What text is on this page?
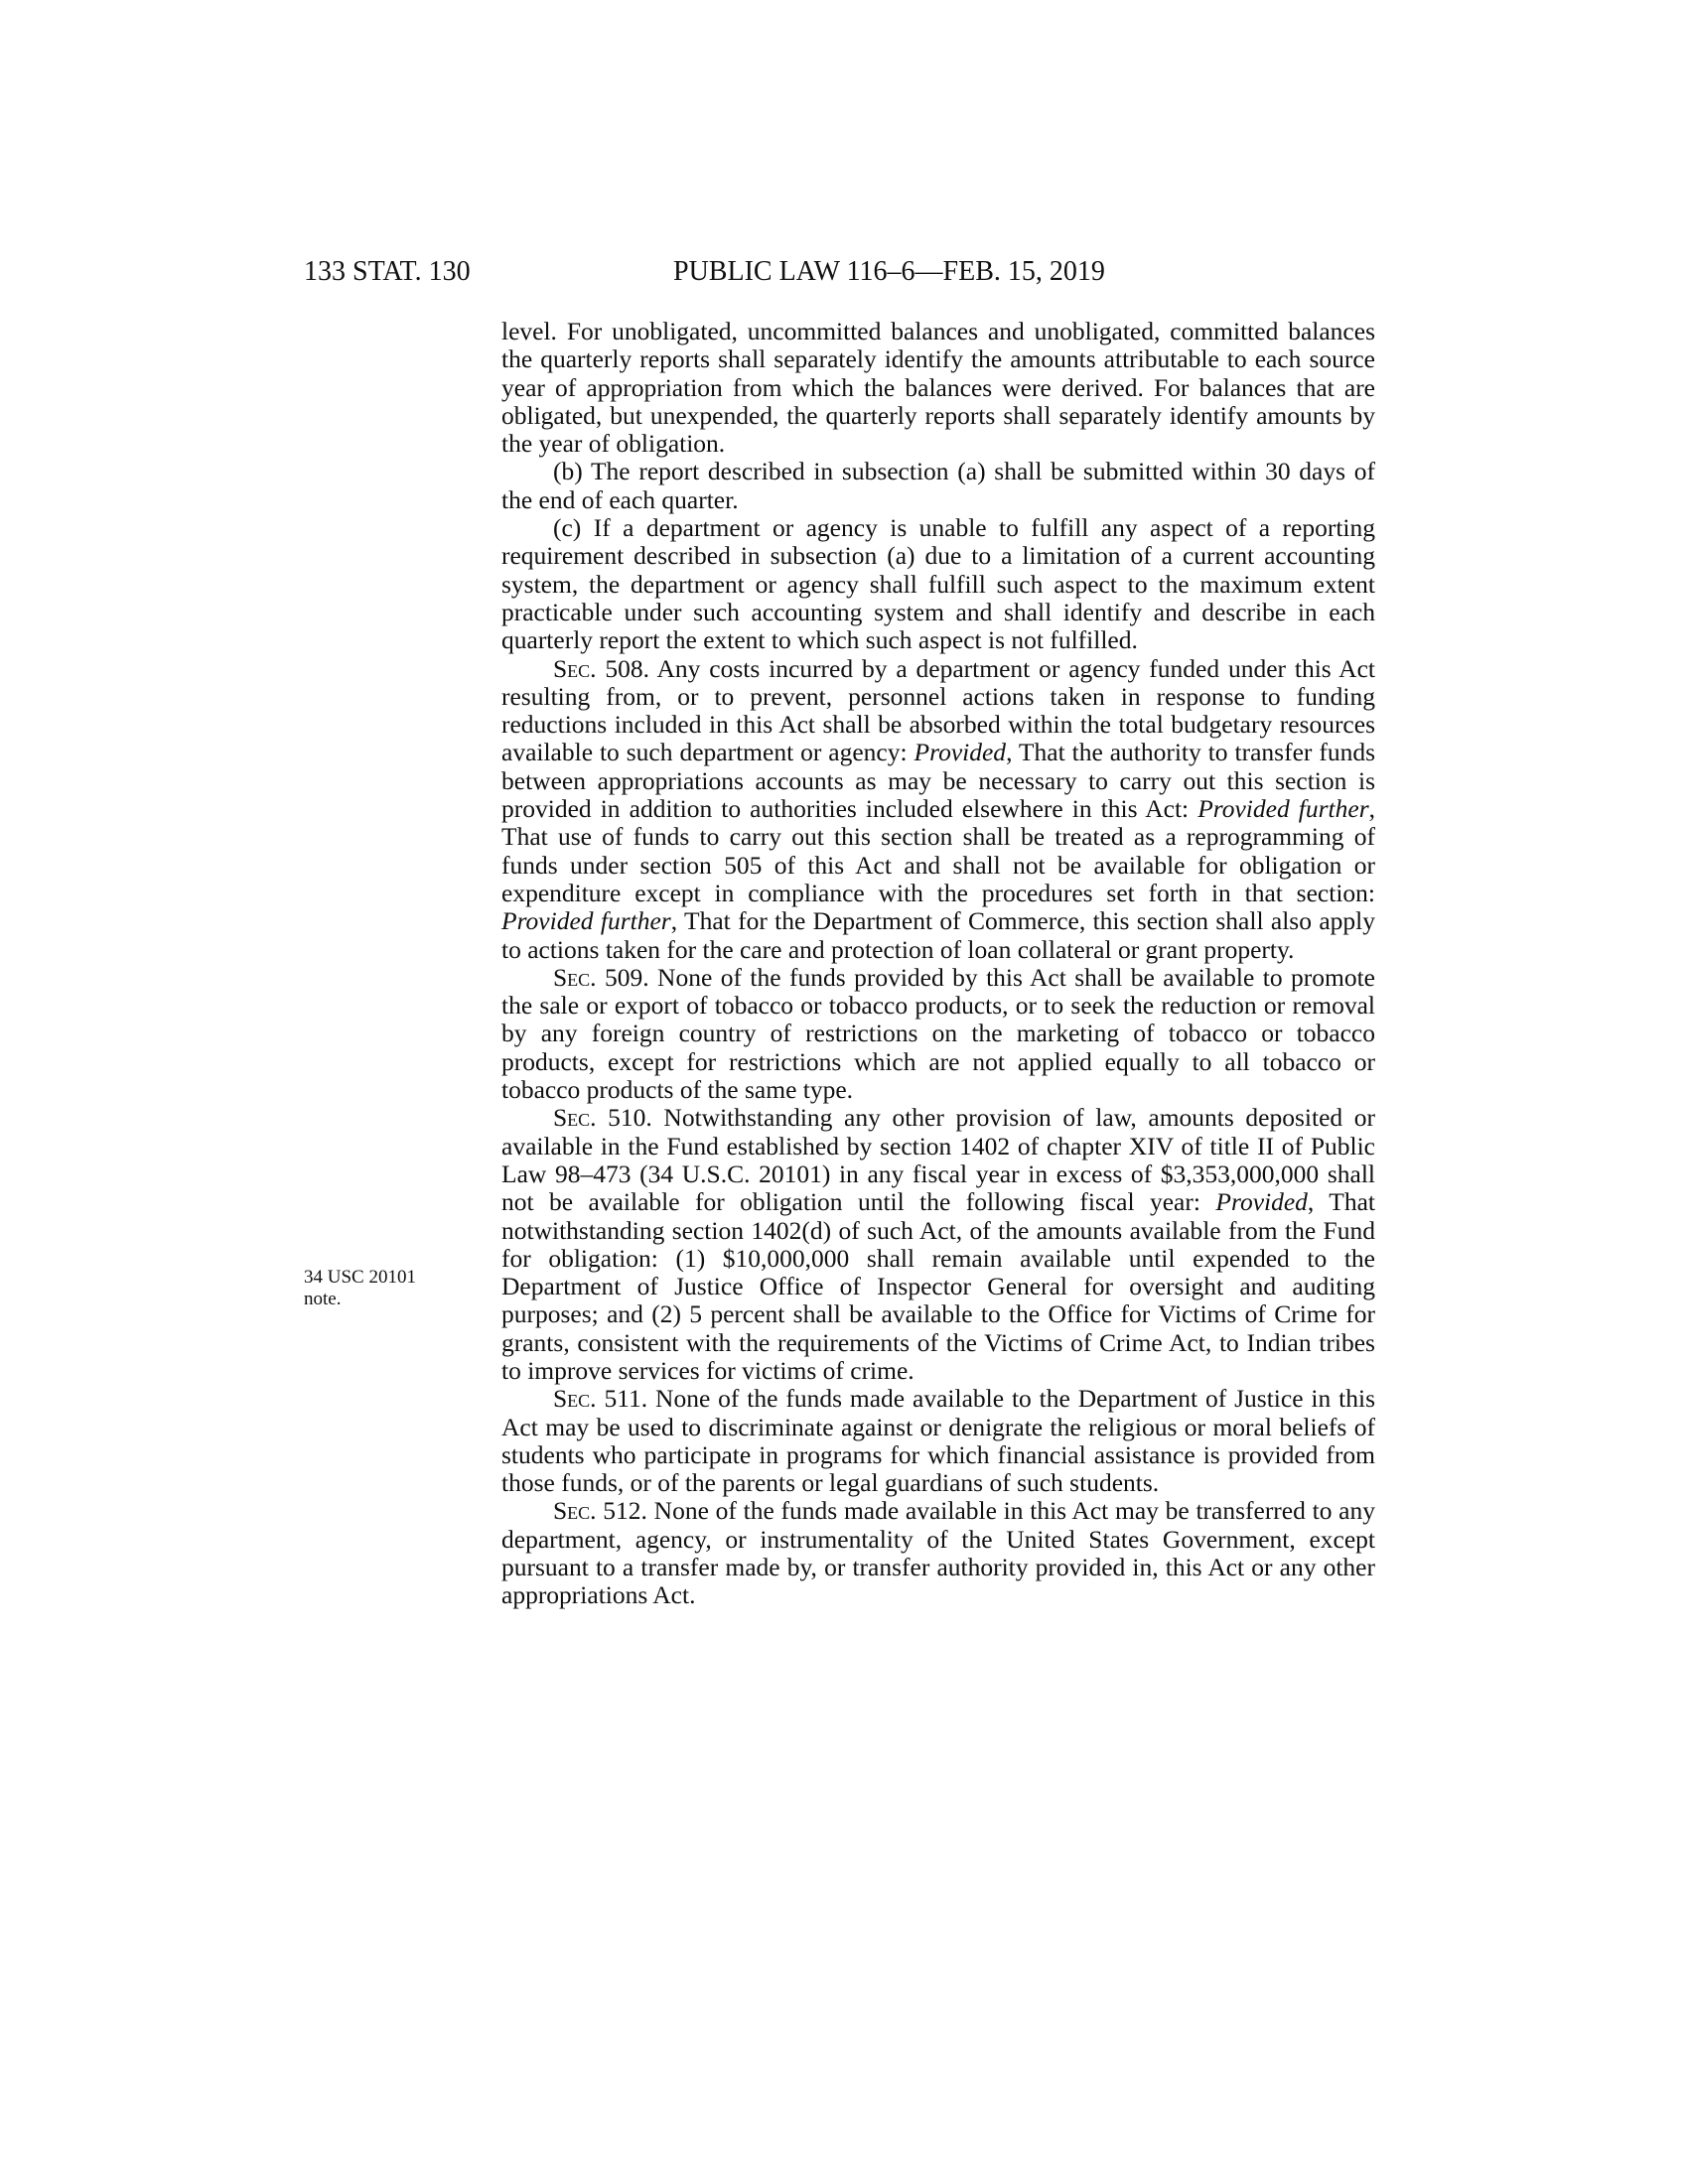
133 STAT. 130	PUBLIC LAW 116–6—FEB. 15, 2019
34 USC 20101
note.

level. For unobligated, uncommitted balances and unobligated, committed balances the quarterly reports shall separately identify the amounts attributable to each source year of appropriation from which the balances were derived. For balances that are obligated, but unexpended, the quarterly reports shall separately identify amounts by the year of obligation.

(b) The report described in subsection (a) shall be submitted within 30 days of the end of each quarter.

(c) If a department or agency is unable to fulfill any aspect of a reporting requirement described in subsection (a) due to a limitation of a current accounting system, the department or agency shall fulfill such aspect to the maximum extent practicable under such accounting system and shall identify and describe in each quarterly report the extent to which such aspect is not fulfilled.

Sec. 508. Any costs incurred by a department or agency funded under this Act resulting from, or to prevent, personnel actions taken in response to funding reductions included in this Act shall be absorbed within the total budgetary resources available to such department or agency: Provided, That the authority to transfer funds between appropriations accounts as may be necessary to carry out this section is provided in addition to authorities included elsewhere in this Act: Provided further, That use of funds to carry out this section shall be treated as a reprogramming of funds under section 505 of this Act and shall not be available for obligation or expenditure except in compliance with the procedures set forth in that section: Provided further, That for the Department of Commerce, this section shall also apply to actions taken for the care and protection of loan collateral or grant property.

Sec. 509. None of the funds provided by this Act shall be available to promote the sale or export of tobacco or tobacco products, or to seek the reduction or removal by any foreign country of restrictions on the marketing of tobacco or tobacco products, except for restrictions which are not applied equally to all tobacco or tobacco products of the same type.

Sec. 510. Notwithstanding any other provision of law, amounts deposited or available in the Fund established by section 1402 of chapter XIV of title II of Public Law 98–473 (34 U.S.C. 20101) in any fiscal year in excess of $3,353,000,000 shall not be available for obligation until the following fiscal year: Provided, That notwithstanding section 1402(d) of such Act, of the amounts available from the Fund for obligation: (1) $10,000,000 shall remain available until expended to the Department of Justice Office of Inspector General for oversight and auditing purposes; and (2) 5 percent shall be available to the Office for Victims of Crime for grants, consistent with the requirements of the Victims of Crime Act, to Indian tribes to improve services for victims of crime.

Sec. 511. None of the funds made available to the Department of Justice in this Act may be used to discriminate against or denigrate the religious or moral beliefs of students who participate in programs for which financial assistance is provided from those funds, or of the parents or legal guardians of such students.

Sec. 512. None of the funds made available in this Act may be transferred to any department, agency, or instrumentality of the United States Government, except pursuant to a transfer made by, or transfer authority provided in, this Act or any other appropriations Act.
